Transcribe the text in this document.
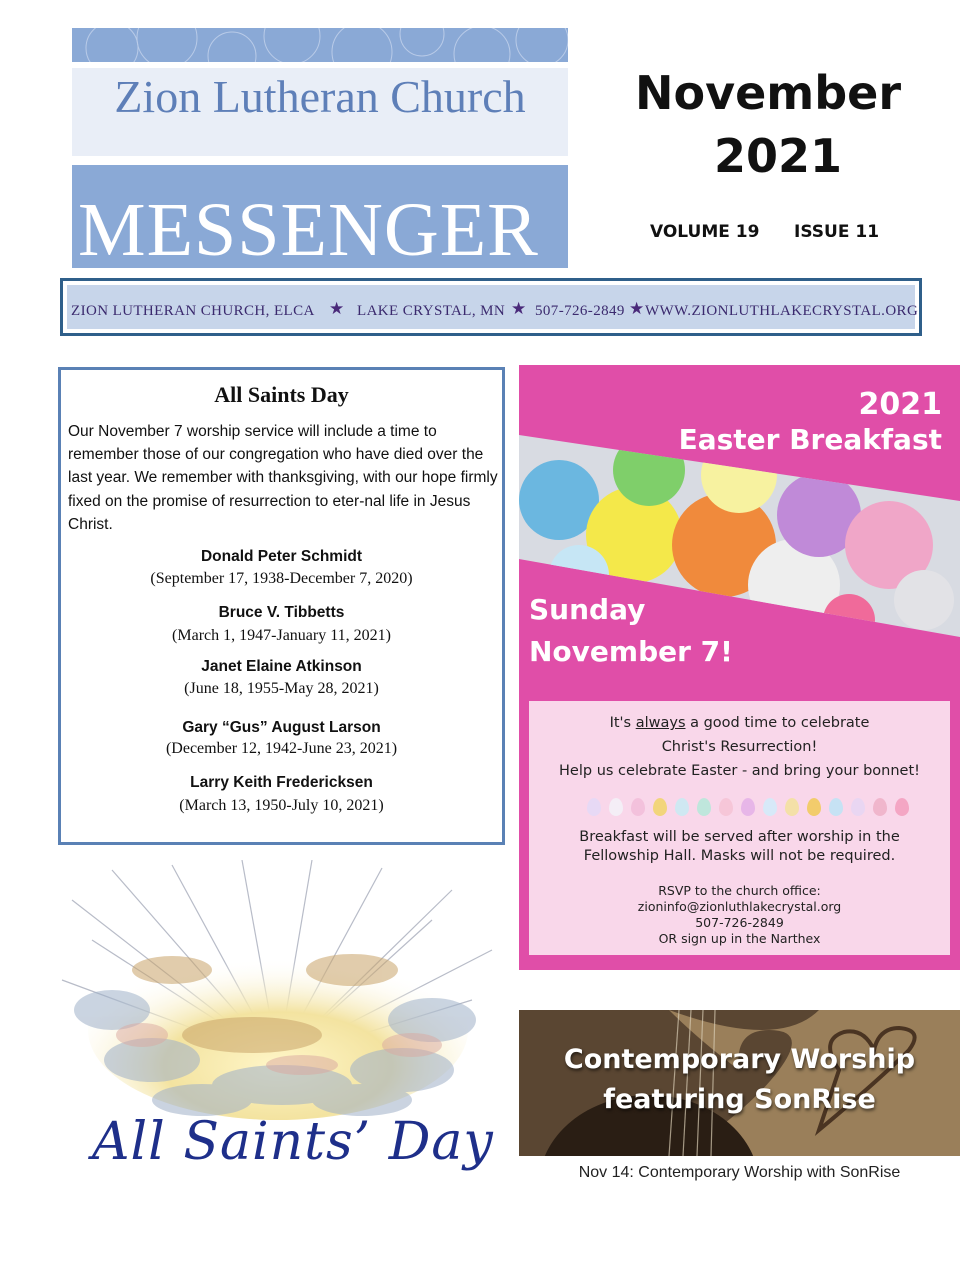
Zion Lutheran Church
MESSENGER
November
2021
VOLUME 19 ISSUE 11
ZION LUTHERAN CHURCH, ELCA ★ LAKE CRYSTAL, MN ★ 507-726-2849 ★ WWW.ZIONLUTHLAKECRYSTAL.ORG
All Saints Day
Our November 7 worship service will include a time to remember those of our congregation who have died over the last year. We remember with thanksgiving, with our hope firmly fixed on the promise of resurrection to eter-nal life in Jesus Christ.
Donald Peter Schmidt
(September 17, 1938-December 7, 2020)
Bruce V. Tibbetts
(March 1, 1947-January 11, 2021)
Janet Elaine Atkinson
(June 18, 1955-May 28, 2021)
Gary “Gus” August Larson
(December 12, 1942-June 23, 2021)
Larry Keith Fredericksen
(March 13, 1950-July 10, 2021)
All Saints’ Day
2021
Easter Breakfast
Sunday
November 7!
It's always a good time to celebrate
Christ's Resurrection!
Help us celebrate Easter - and bring your bonnet!
Breakfast will be served after worship in the
Fellowship Hall. Masks will not be required.
RSVP to the church office:
zioninfo@zionluthlakecrystal.org
507-726-2849
OR sign up in the Narthex
Contemporary Worship
featuring SonRise
Nov 14: Contemporary Worship with SonRise
